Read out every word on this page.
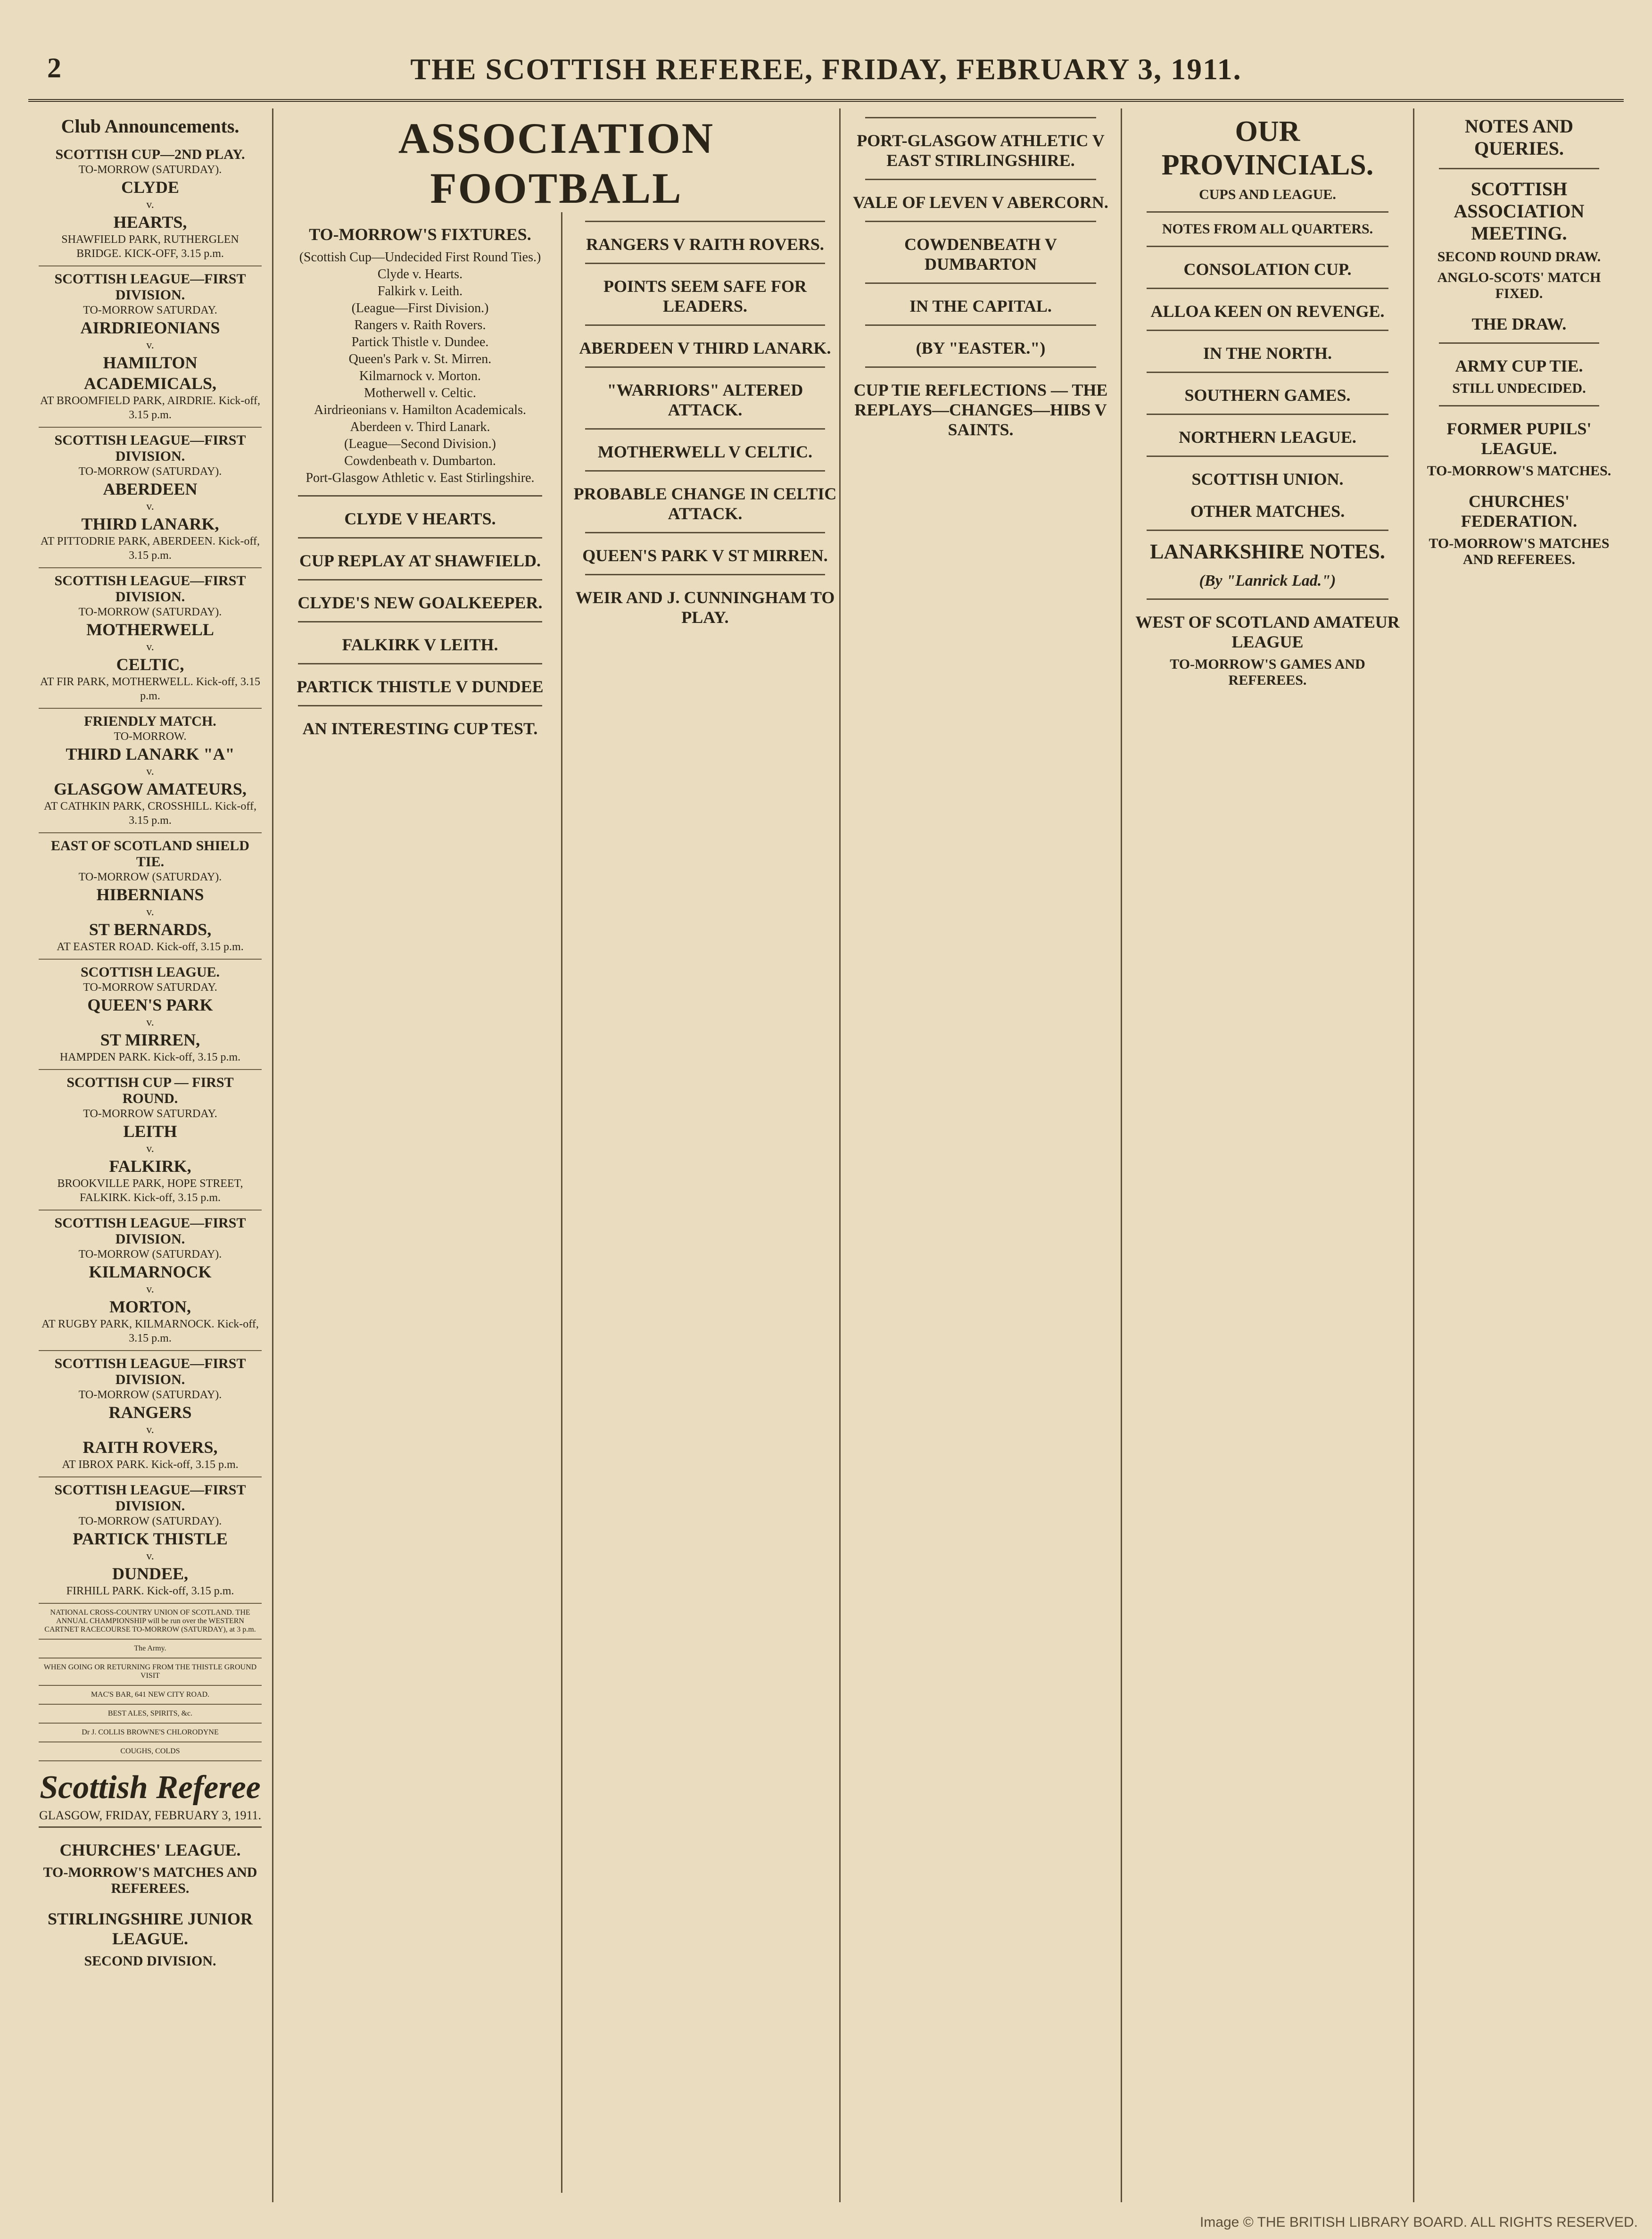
2	THE SCOTTISH REFEREE, FRIDAY, FEBRUARY 3, 1911.
Club Announcements.
SCOTTISH CUP—2ND PLAY.
TO-MORROW (SATURDAY).
CLYDE
v.
HEARTS,
SHAWFIELD PARK, RUTHERGLEN BRIDGE. KICK-OFF, 3.15 p.m.
SCOTTISH LEAGUE—FIRST DIVISION.
TO-MORROW SATURDAY.
AIRDRIEONIANS
v.
HAMILTON ACADEMICALS,
AT BROOMFIELD PARK, AIRDRIE. Kick-off, 3.15 p.m.
SCOTTISH LEAGUE—FIRST DIVISION.
TO-MORROW (SATURDAY).
ABERDEEN
v.
THIRD LANARK,
AT PITTODRIE PARK, ABERDEEN. Kick-off, 3.15 p.m.
SCOTTISH LEAGUE—FIRST DIVISION.
TO-MORROW (SATURDAY).
MOTHERWELL
v.
CELTIC,
AT FIR PARK, MOTHERWELL. Kick-off, 3.15 p.m.
FRIENDLY MATCH.
TO-MORROW.
THIRD LANARK "A"
v.
GLASGOW AMATEURS,
AT CATHKIN PARK, CROSSHILL. Kick-off, 3.15 p.m.
EAST OF SCOTLAND SHIELD TIE.
TO-MORROW (SATURDAY).
HIBERNIANS
v.
ST BERNARDS,
AT EASTER ROAD. Kick-off, 3.15 p.m.
SCOTTISH LEAGUE.
TO-MORROW SATURDAY.
QUEEN'S PARK
v.
ST MIRREN,
HAMPDEN PARK. Kick-off, 3.15 p.m.
SCOTTISH CUP — FIRST ROUND.
TO-MORROW SATURDAY.
LEITH
v.
FALKIRK,
BROOKVILLE PARK, HOPE STREET, FALKIRK. Kick-off, 3.15 p.m.
SCOTTISH LEAGUE—FIRST DIVISION.
TO-MORROW (SATURDAY).
KILMARNOCK
v.
MORTON,
AT RUGBY PARK, KILMARNOCK. Kick-off, 3.15 p.m.
SCOTTISH LEAGUE—FIRST DIVISION.
TO-MORROW (SATURDAY).
RANGERS
v.
RAITH ROVERS,
AT IBROX PARK. Kick-off, 3.15 p.m.
SCOTTISH LEAGUE—FIRST DIVISION.
TO-MORROW (SATURDAY).
PARTICK THISTLE
v.
DUNDEE,
FIRHILL PARK. Kick-off, 3.15 p.m.
NATIONAL CROSS-COUNTRY UNION OF SCOTLAND. THE ANNUAL CHAMPIONSHIP will be run over the WESTERN CARTNET RACECOURSE TO-MORROW (SATURDAY), at 3 p.m.
The Army.
WHEN GOING OR RETURNING FROM THE THISTLE GROUND VISIT
MAC'S BAR, 641 NEW CITY ROAD.
BEST ALES, SPIRITS, &c.
Dr J. COLLIS BROWNE'S CHLORODYNE
COUGHS, COLDS
Scottish Referee
GLASGOW, FRIDAY, FEBRUARY 3, 1911.
CHURCHES' LEAGUE.
TO-MORROW'S MATCHES AND REFEREES.
STIRLINGSHIRE JUNIOR LEAGUE.
SECOND DIVISION.
ASSOCIATION FOOTBALL
TO-MORROW'S FIXTURES.
(Scottish Cup—Undecided First Round Ties.)
Clyde v. Hearts.
Falkirk v. Leith.
(League—First Division.)
Rangers v. Raith Rovers.
Partick Thistle v. Dundee.
Queen's Park v. St. Mirren.
Kilmarnock v. Morton.
Motherwell v. Celtic.
Airdrieonians v. Hamilton Academicals.
Aberdeen v. Third Lanark.
(League—Second Division.)
Cowdenbeath v. Dumbarton.
Port-Glasgow Athletic v. East Stirlingshire.
CLYDE V HEARTS.
CUP REPLAY AT SHAWFIELD.
CLYDE'S NEW GOALKEEPER.
FALKIRK V LEITH.
PARTICK THISTLE V DUNDEE
AN INTERESTING CUP TEST.
RANGERS V RAITH ROVERS.
POINTS SEEM SAFE FOR LEADERS.
ABERDEEN V THIRD LANARK.
"WARRIORS" ALTERED ATTACK.
MOTHERWELL V CELTIC.
PROBABLE CHANGE IN CELTIC ATTACK.
QUEEN'S PARK V ST MIRREN.
WEIR AND J. CUNNINGHAM TO PLAY.
PORT-GLASGOW ATHLETIC V EAST STIRLINGSHIRE.
VALE OF LEVEN V ABERCORN.
COWDENBEATH V DUMBARTON
IN THE CAPITAL.
(BY "EASTER.")
CUP TIE REFLECTIONS — THE REPLAYS—CHANGES—HIBS V SAINTS.
OUR PROVINCIALS.
CUPS AND LEAGUE.
NOTES FROM ALL QUARTERS.
CONSOLATION CUP.
ALLOA KEEN ON REVENGE.
IN THE NORTH.
SOUTHERN GAMES.
NORTHERN LEAGUE.
SCOTTISH UNION.
OTHER MATCHES.
LANARKSHIRE NOTES.
(By "Lanrick Lad.")
WEST OF SCOTLAND AMATEUR LEAGUE
TO-MORROW'S GAMES AND REFEREES.
NOTES AND QUERIES.
SCOTTISH ASSOCIATION MEETING.
SECOND ROUND DRAW.
ANGLO-SCOTS' MATCH FIXED.
THE DRAW.
ARMY CUP TIE.
STILL UNDECIDED.
FORMER PUPILS' LEAGUE.
TO-MORROW'S MATCHES.
CHURCHES' FEDERATION.
TO-MORROW'S MATCHES AND REFEREES.
Image © THE BRITISH LIBRARY BOARD. ALL RIGHTS RESERVED.
